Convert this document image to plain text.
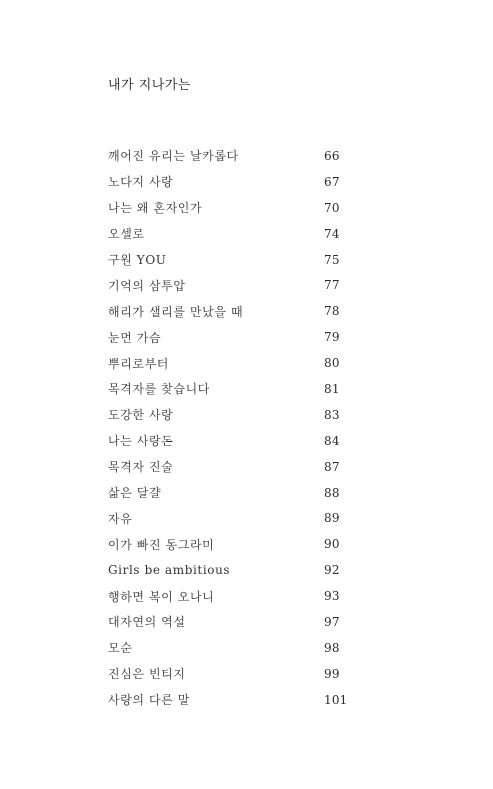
내가 지나가는
깨어진 유리는 날카롭다	66
노다지 사랑	67
나는 왜 혼자인가	70
오셀로	74
구원 YOU	75
기억의 삼투압	77
해리가 샐리를 만났을 때	78
눈먼 가슴	79
뿌리로부터	80
목격자를 찾습니다	81
도강한 사랑	83
나는 사랑돈	84
목격자 진술	87
삶은 달걀	88
자유	89
이가 빠진 동그라미	90
Girls be ambitious	92
행하면 복이 오나니	93
대자연의 역설	97
모순	98
진심은 빈티지	99
사랑의 다른 말	101
